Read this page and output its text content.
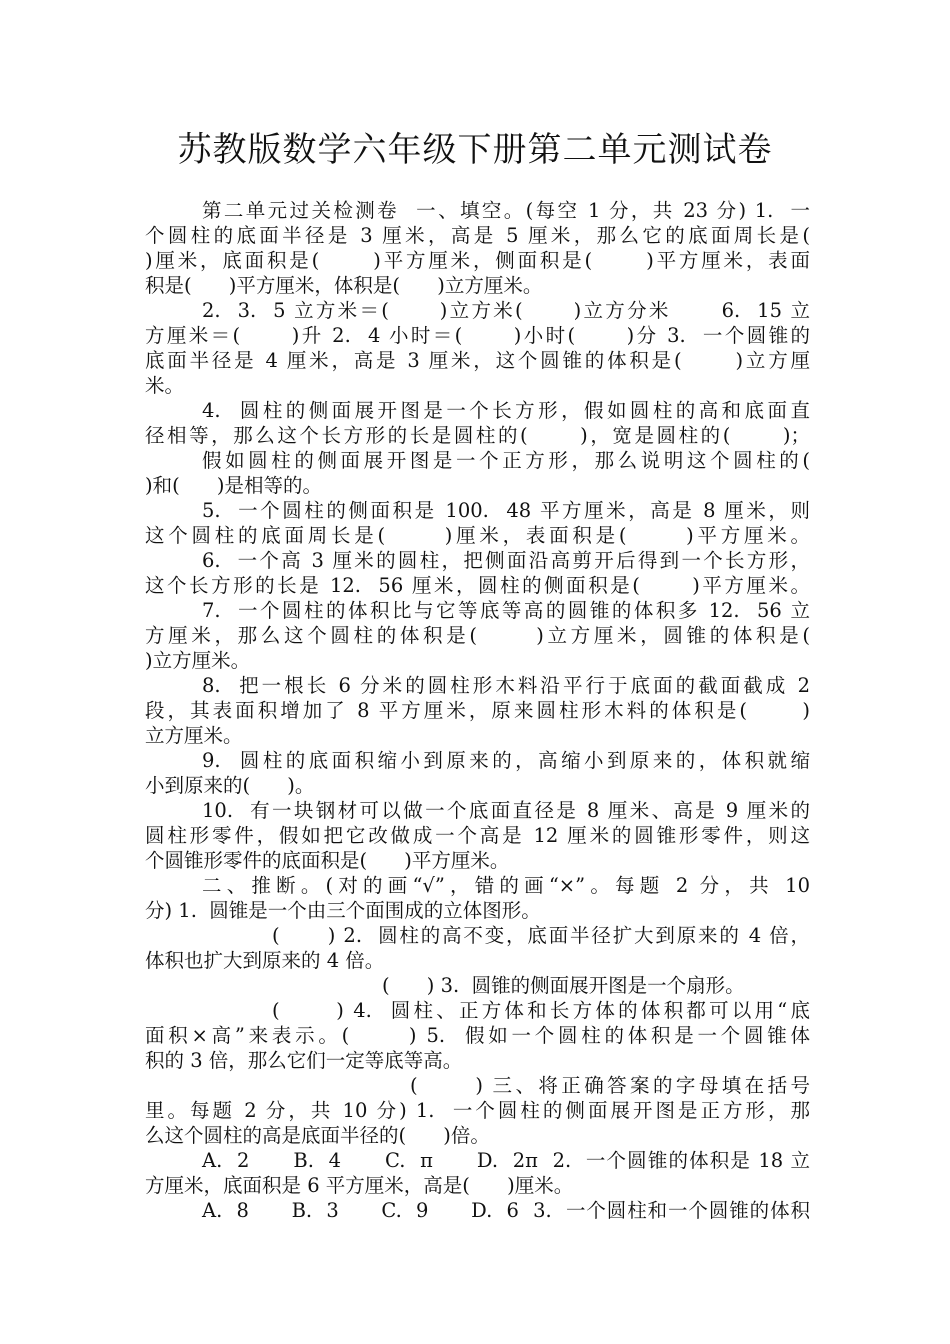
苏教版数学六年级下册第二单元测试卷
第二单元过关检测卷  一、填空。(每空 1 分，共 23 分) 1.  一
个圆柱的底面半径是 3 厘米，高是 5 厘米，那么它的底面周长是(
)厘米，底面积是(      )平方厘米，侧面积是(      )平方厘米，表面
积是(      )平方厘米，体积是(      )立方厘米。
2.  3.  5 立方米＝(      )立方米(      )立方分米      6.  15 立
方厘米＝(      )升 2.  4 小时＝(      )小时(      )分 3.  一个圆锥的
底面半径是 4 厘米，高是 3 厘米，这个圆锥的体积是(      )立方厘
米。
4.  圆柱的侧面展开图是一个长方形，假如圆柱的高和底面直
径相等，那么这个长方形的长是圆柱的(      )，宽是圆柱的(      )；
假如圆柱的侧面展开图是一个正方形，那么说明这个圆柱的(
)和(      )是相等的。
5.  一个圆柱的侧面积是 100.  48 平方厘米，高是 8 厘米，则
这个圆柱的底面周长是(      )厘米，表面积是(      )平方厘米。
6.  一个高 3 厘米的圆柱，把侧面沿高剪开后得到一个长方形，
这个长方形的长是 12.  56 厘米，圆柱的侧面积是(      )平方厘米。
7.  一个圆柱的体积比与它等底等高的圆锥的体积多 12.  56 立
方厘米，那么这个圆柱的体积是(      )立方厘米，圆锥的体积是(
)立方厘米。
8.  把一根长 6 分米的圆柱形木料沿平行于底面的截面截成 2
段，其表面积增加了 8 平方厘米，原来圆柱形木料的体积是(      )
立方厘米。
9.  圆柱的底面积缩小到原来的，高缩小到原来的，体积就缩
小到原来的(      )。
10.  有一块钢材可以做一个底面直径是 8 厘米、高是 9 厘米的
圆柱形零件，假如把它改做成一个高是 12 厘米的圆锥形零件，则这
个圆锥形零件的底面积是(      )平方厘米。
二、推断。(对的画“√”，错的画“×”。每题 2 分，共 10
分) 1.  圆锥是一个由三个面围成的立体图形。
(      ) 2.  圆柱的高不变，底面半径扩大到原来的 4 倍，
体积也扩大到原来的 4 倍。
(      ) 3.  圆锥的侧面展开图是一个扇形。
(      ) 4.  圆柱、正方体和长方体的体积都可以用“底
面积×高”来表示。(      ) 5.  假如一个圆柱的体积是一个圆锥体
积的 3 倍，那么它们一定等底等高。
(      ) 三、将正确答案的字母填在括号
里。每题 2 分，共 10 分) 1.  一个圆柱的侧面展开图是正方形，那
么这个圆柱的高是底面半径的(      )倍。
A.  2      B.  4      C.  π      D.  2π  2.  一个圆锥的体积是 18 立
方厘米，底面积是 6 平方厘米，高是(      )厘米。
A.  8      B.  3      C.  9      D.  6  3.  一个圆柱和一个圆锥的体积
